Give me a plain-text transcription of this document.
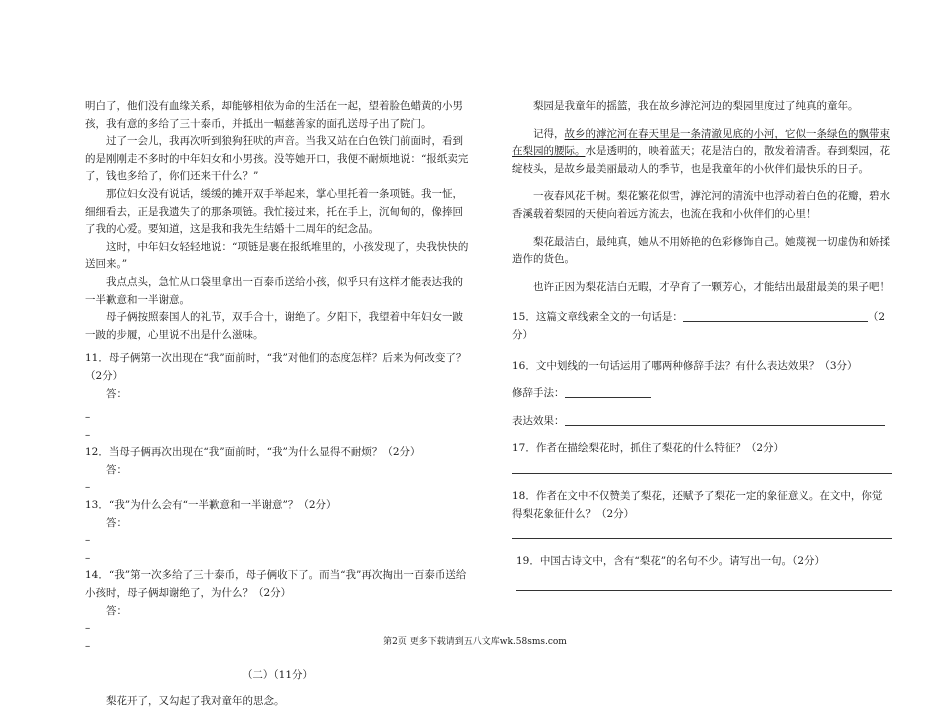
明白了，他们没有血缘关系，却能够相依为命的生活在一起，望着脸色蜡黄的小男孩，我有意的多给了三十泰币，并抵出一幅慈善家的面孔送母子出了院门。

过了一会儿，我再次听到狼狗狂吠的声音。当我又站在白色铁门前面时，看到的是刚刚走不多时的中年妇女和小男孩。没等她开口，我便不耐烦地说：“报纸卖完了，钱也多给了，你们还来干什么？”

那位妇女没有说话，缓缓的摊开双手举起来，掌心里托着一条项链。我一怔，细细看去，正是我遗失了的那条项链。我忙接过来，托在手上，沉甸甸的，像捧回了我的心爱。要知道，这是我和我先生结婚十二周年的纪念品。

这时，中年妇女轻轻地说：“项链是裹在报纸堆里的，小孩发现了，央我快快的送回来。”

我点点头，急忙从口袋里拿出一百泰币送给小孩，似乎只有这样才能表达我的一半歉意和一半谢意。

母子俩按照泰国人的礼节，双手合十，谢绝了。夕阳下，我望着中年妇女一跛一跛的步履，心里说不出是什么滋味。

11．母子俩第一次出现在“我”面前时，“我”对他们的态度怎样？后来为何改变了？（2分）

答：

–

–

12．当母子俩再次出现在“我”面前时，“我”为什么显得不耐烦？（2分）

答：

–

13．“我”为什么会有“一半歉意和一半谢意”？（2分）

答：

–

–

14．“我”第一次多给了三十泰币，母子俩收下了。而当“我”再次掏出一百泰币送给小孩时，母子俩却谢绝了，为什么？（2分）

答：

–

–

（二）（11分）

梨花开了，又勾起了我对童年的思念。

梨园是我童年的摇篮，我在故乡滹沱河边的梨园里度过了纯真的童年。

记得，故乡的滹沱河在春天里是一条清澈见底的小河，它似一条绿色的飘带束在梨园的腰际。水是透明的，映着蓝天；花是洁白的，散发着清香。春到梨园，花绽枝头，是故乡最美丽最动人的季节，也是我童年的小伙伴们最快乐的日子。

一夜春风花千树。梨花繁花似雪，滹沱河的清流中也浮动着白色的花瓣，碧水香溪载着梨园的天使向着远方流去，也流在我和小伙伴们的心里！

梨花最洁白，最纯真，她从不用娇艳的色彩修饰自己。她蔑视一切虚伪和娇揉造作的货色。

也许正因为梨花洁白无暇，才孕育了一颗芳心，才能结出最甜最美的果子吧！

15．这篇文章线索全文的一句话是：	（2

分）

16．文中划线的一句话运用了哪两种修辞手法？有什么表达效果？（3分）

修辞手法：

表达效果：

17．作者在描绘梨花时，抓住了梨花的什么特征？（2分）

18．作者在文中不仅赞美了梨花，还赋予了梨花一定的象征意义。在文中，你觉得梨花象征什么？（2分）

19．中国古诗文中，含有“梨花”的名句不少。请写出一句。（2分）

第2页 更多下载请到五八文库wk.58sms.com
